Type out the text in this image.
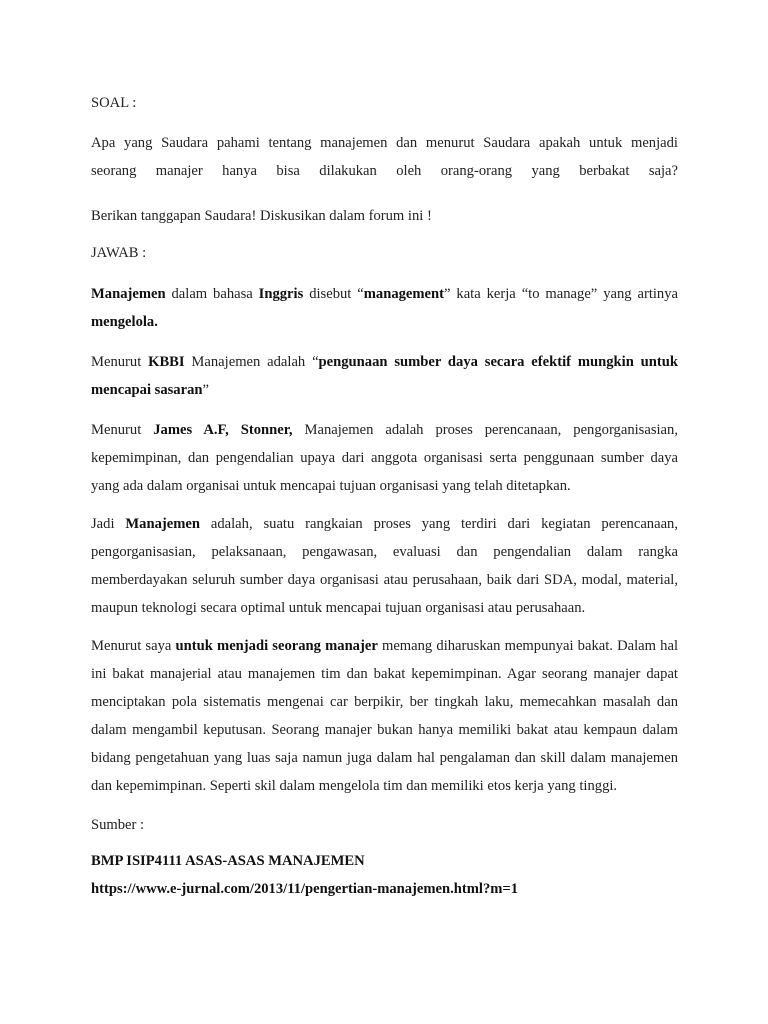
SOAL :

Apa yang Saudara pahami tentang manajemen dan menurut Saudara apakah untuk menjadi

seorang manajer hanya bisa dilakukan oleh orang-orang yang berbakat saja?

Berikan tanggapan Saudara! Diskusikan dalam forum ini !

JAWAB :

Manajemen dalam bahasa Inggris disebut “management” kata kerja “to manage” yang artinya mengelola.

Menurut KBBI Manajemen adalah “pengunaan sumber daya secara efektif mungkin untuk mencapai sasaran”

Menurut James A.F, Stonner, Manajemen adalah proses perencanaan, pengorganisasian, kepemimpinan, dan pengendalian upaya dari anggota organisasi serta penggunaan sumber daya yang ada dalam organisai untuk mencapai tujuan organisasi yang telah ditetapkan.

Jadi Manajemen adalah, suatu rangkaian proses yang terdiri dari kegiatan perencanaan, pengorganisasian, pelaksanaan, pengawasan, evaluasi dan pengendalian dalam rangka memberdayakan seluruh sumber daya organisasi atau perusahaan, baik dari SDA, modal, material, maupun teknologi secara optimal untuk mencapai tujuan organisasi atau perusahaan.

Menurut saya untuk menjadi seorang manajer memang diharuskan mempunyai bakat. Dalam hal ini bakat manajerial atau manajemen tim dan bakat kepemimpinan. Agar seorang manajer dapat menciptakan pola sistematis mengenai car berpikir, ber tingkah laku, memecahkan masalah dan dalam mengambil keputusan. Seorang manajer bukan hanya memiliki bakat atau kempaun dalam bidang pengetahuan yang luas saja namun juga dalam hal pengalaman dan skill dalam manajemen dan kepemimpinan. Seperti skil dalam mengelola tim dan memiliki etos kerja yang tinggi.

Sumber :

BMP ISIP4111 ASAS-ASAS MANAJEMEN

https://www.e-jurnal.com/2013/11/pengertian-manajemen.html?m=1
